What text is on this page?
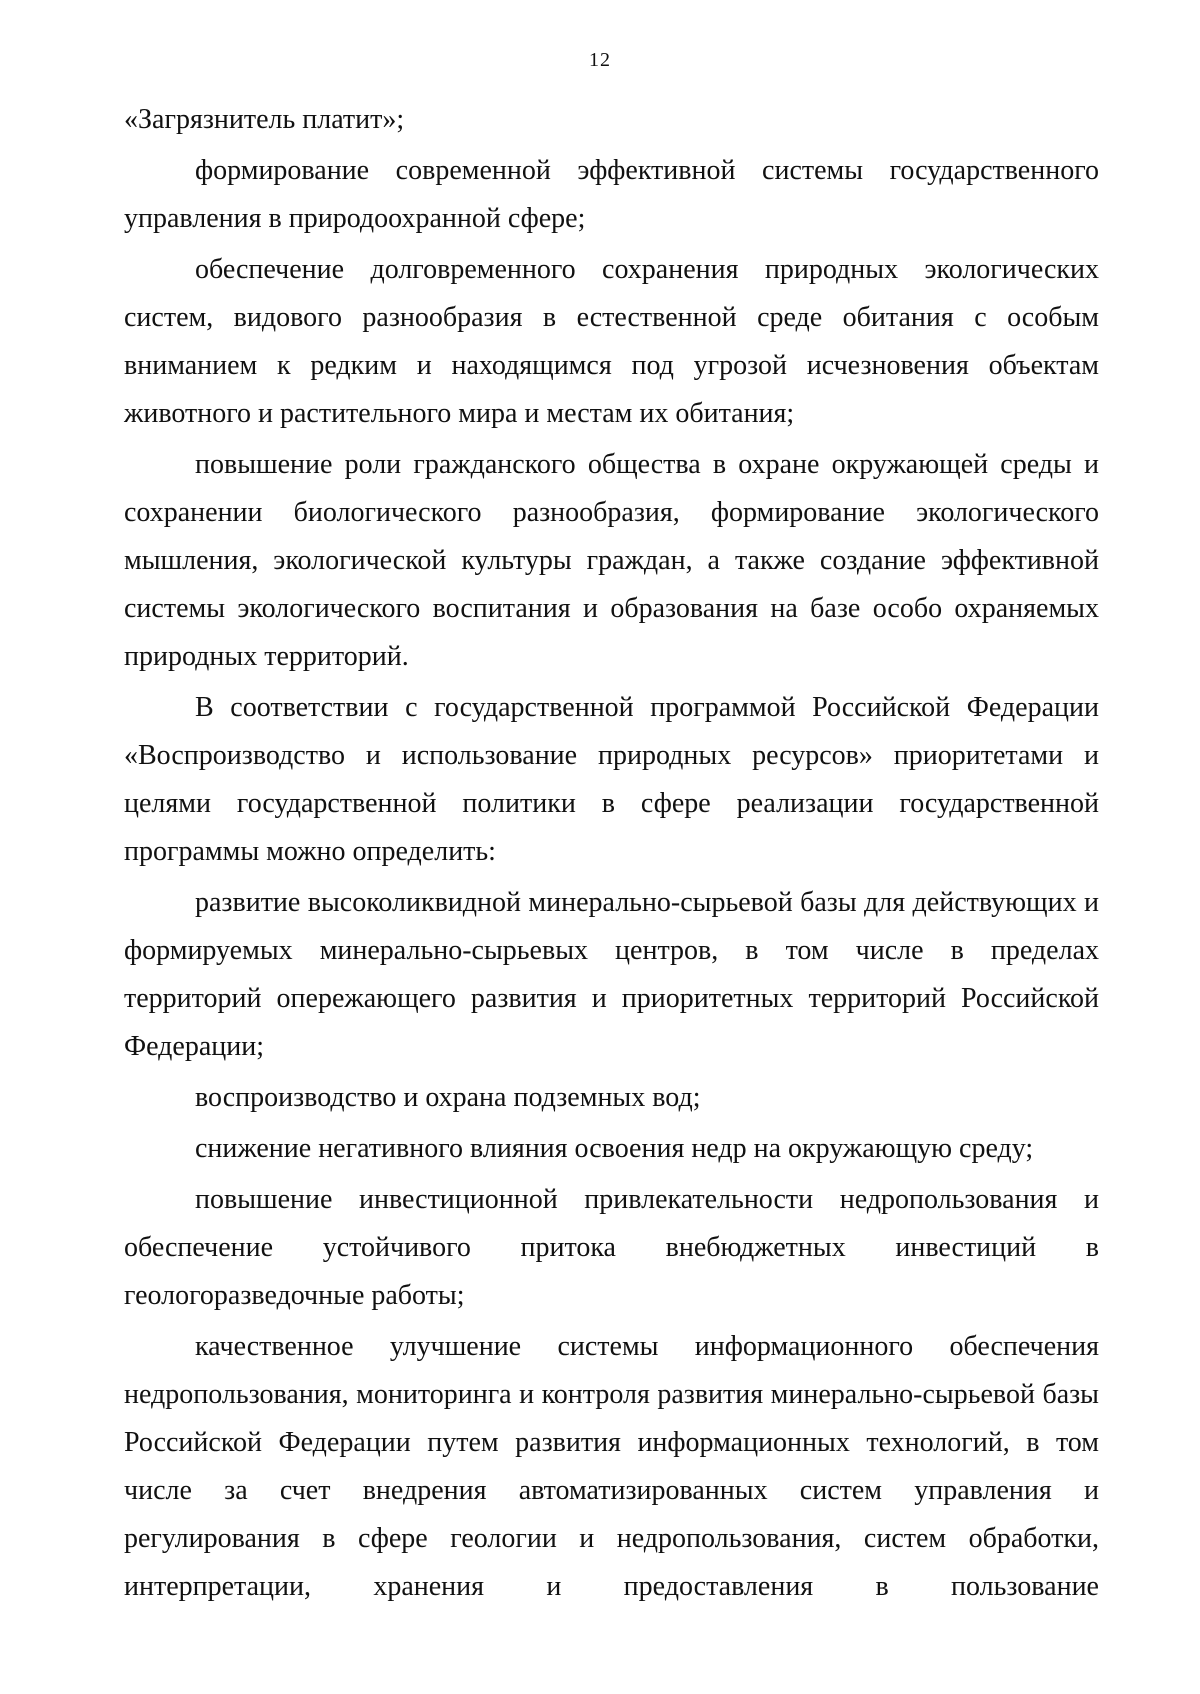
12

«Загрязнитель платит»;

формирование современной эффективной системы государственного управления в природоохранной сфере;

обеспечение долговременного сохранения природных экологических систем, видового разнообразия в естественной среде обитания с особым вниманием к редким и находящимся под угрозой исчезновения объектам животного и растительного мира и местам их обитания;

повышение роли гражданского общества в охране окружающей среды и сохранении биологического разнообразия, формирование экологического мышления, экологической культуры граждан, а также создание эффективной системы экологического воспитания и образования на базе особо охраняемых природных территорий.

В соответствии с государственной программой Российской Федерации «Воспроизводство и использование природных ресурсов» приоритетами и целями государственной политики в сфере реализации государственной программы можно определить:

развитие высоколиквидной минерально-сырьевой базы для действующих и формируемых минерально-сырьевых центров, в том числе в пределах территорий опережающего развития и приоритетных территорий Российской Федерации;

воспроизводство и охрана подземных вод;

снижение негативного влияния освоения недр на окружающую среду;

повышение инвестиционной привлекательности недропользования и обеспечение устойчивого притока внебюджетных инвестиций в геологоразведочные работы;

качественное улучшение системы информационного обеспечения недропользования, мониторинга и контроля развития минерально-сырьевой базы Российской Федерации путем развития информационных технологий, в том числе за счет внедрения автоматизированных систем управления и регулирования в сфере геологии и недропользования, систем обработки, интерпретации, хранения и предоставления в пользование
